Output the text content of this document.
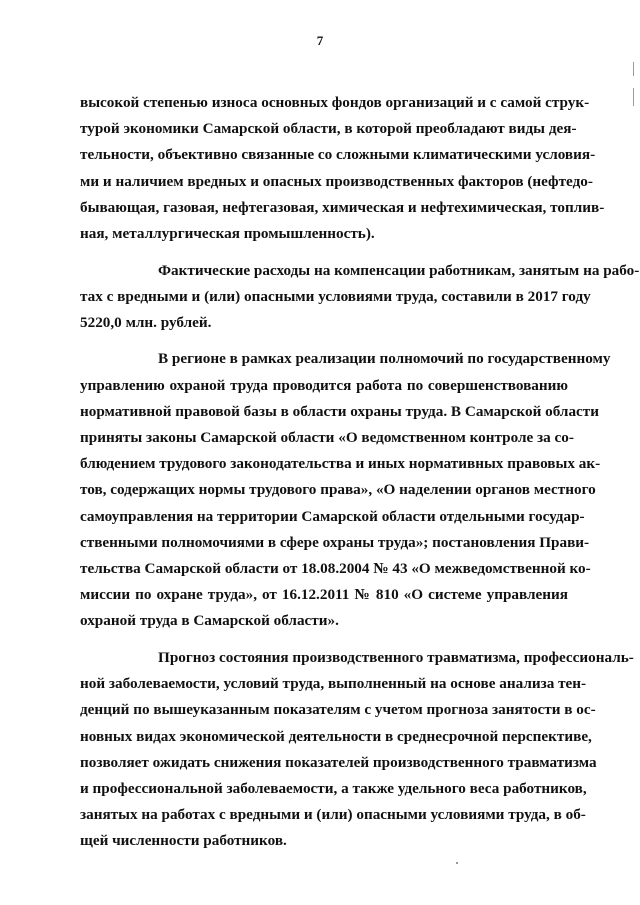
7
высокой степенью износа основных фондов организаций и с самой струк-
турой экономики Самарской области, в которой преобладают виды дея-
тельности, объективно связанные со сложными климатическими условия-
ми и наличием вредных и опасных производственных факторов (нефтедо-
бывающая, газовая, нефтегазовая, химическая и нефтехимическая, топлив-
ная, металлургическая промышленность).
Фактические расходы на компенсации работникам, занятым на рабо-
тах с вредными и (или) опасными условиями труда, составили в 2017 году
5220,0 млн. рублей.
В регионе в рамках реализации полномочий по государственному
управлению охраной труда проводится работа по совершенствованию
нормативной правовой базы в области охраны труда. В Самарской области
приняты законы Самарской области «О ведомственном контроле за со-
блюдением трудового законодательства и иных нормативных правовых ак-
тов, содержащих нормы трудового права», «О наделении органов местного
самоуправления на территории Самарской области отдельными государ-
ственными полномочиями в сфере охраны труда»; постановления Прави-
тельства Самарской области от 18.08.2004 № 43 «О межведомственной ко-
миссии по охране труда», от 16.12.2011 № 810 «О системе управления
охраной труда в Самарской области».
Прогноз состояния производственного травматизма, профессиональ-
ной заболеваемости, условий труда, выполненный на основе анализа тен-
денций по вышеуказанным показателям с учетом прогноза занятости в ос-
новных видах экономической деятельности в среднесрочной перспективе,
позволяет ожидать снижения показателей производственного травматизма
и профессиональной заболеваемости, а также удельного веса работников,
занятых на работах с вредными и (или) опасными условиями труда, в об-
щей численности работников.
